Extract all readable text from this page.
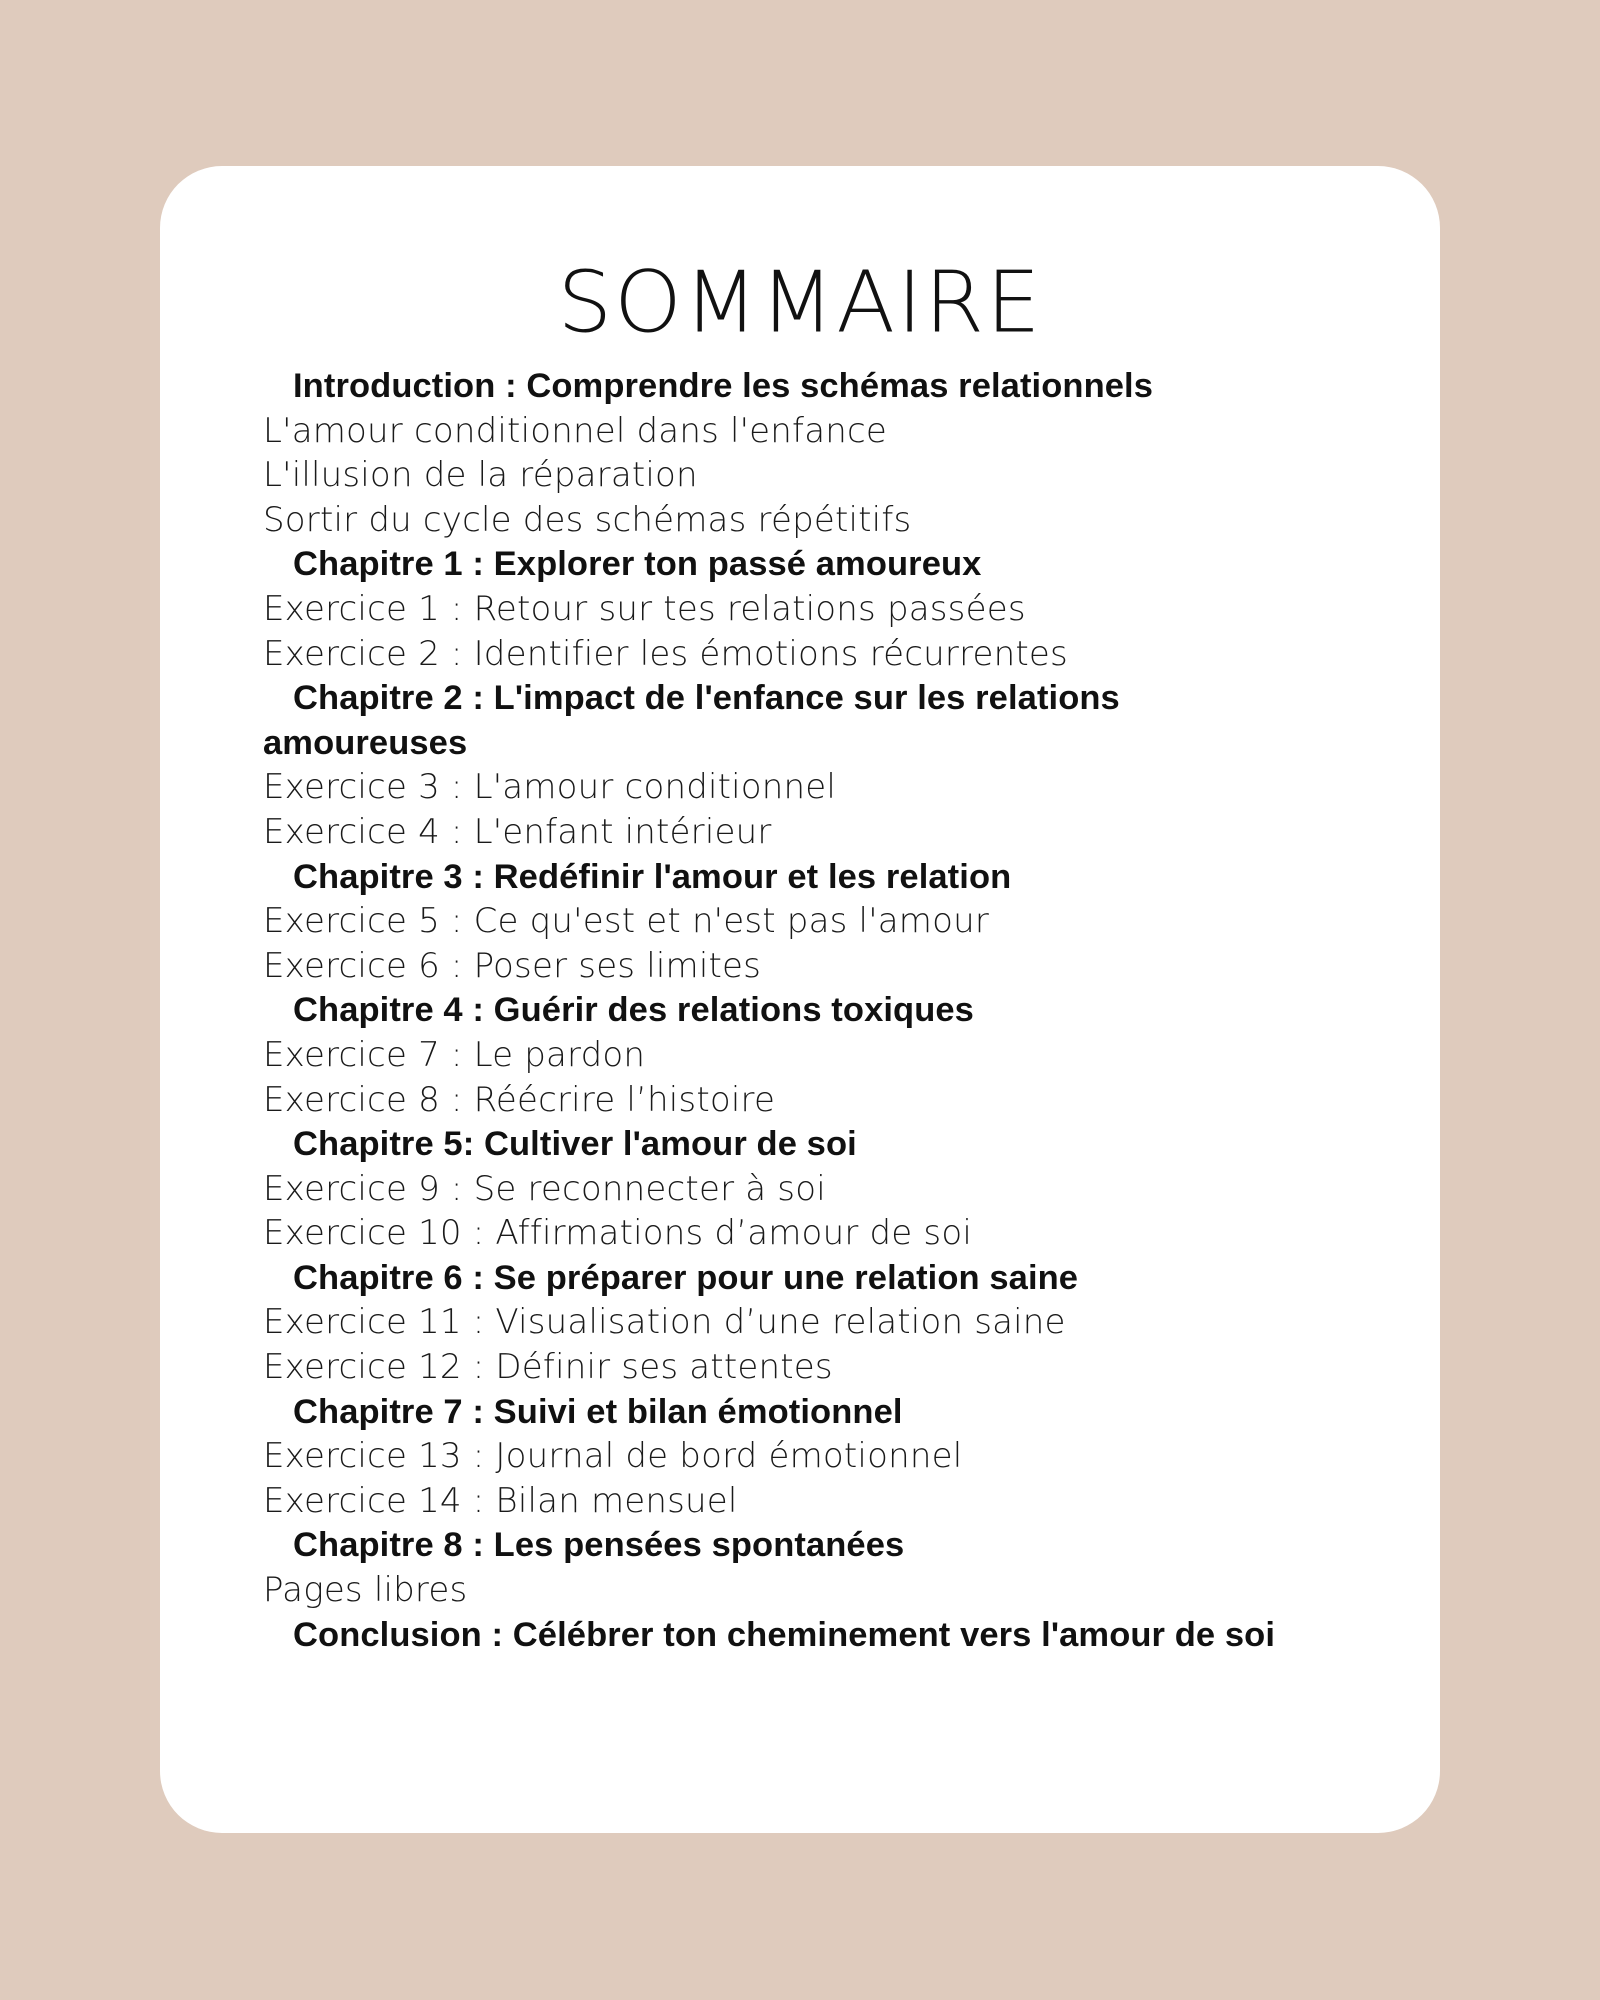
SOMMAIRE
Introduction : Comprendre les schémas relationnels
L'amour conditionnel dans l'enfance
L'illusion de la réparation
Sortir du cycle des schémas répétitifs
Chapitre 1 : Explorer ton passé amoureux
Exercice 1 : Retour sur tes relations passées
Exercice 2 : Identifier les émotions récurrentes
Chapitre 2 : L'impact de l'enfance sur les relations amoureuses
Exercice 3 : L'amour conditionnel
Exercice 4 : L'enfant intérieur
Chapitre 3 : Redéfinir l'amour et les relation
Exercice 5 : Ce qu'est et n'est pas l'amour
Exercice 6 : Poser ses limites
Chapitre 4 : Guérir des relations toxiques
Exercice 7 : Le pardon
Exercice 8 : Réécrire l’histoire
Chapitre 5: Cultiver l'amour de soi
Exercice 9 : Se reconnecter à soi
Exercice 10 : Affirmations d’amour de soi
Chapitre 6 : Se préparer pour une relation saine
Exercice 11 : Visualisation d’une relation saine
Exercice 12 : Définir ses attentes
Chapitre 7 : Suivi et bilan émotionnel
Exercice 13 : Journal de bord émotionnel
Exercice 14 : Bilan mensuel
Chapitre 8 : Les pensées spontanées
Pages libres
Conclusion : Célébrer ton cheminement vers l'amour de soi
